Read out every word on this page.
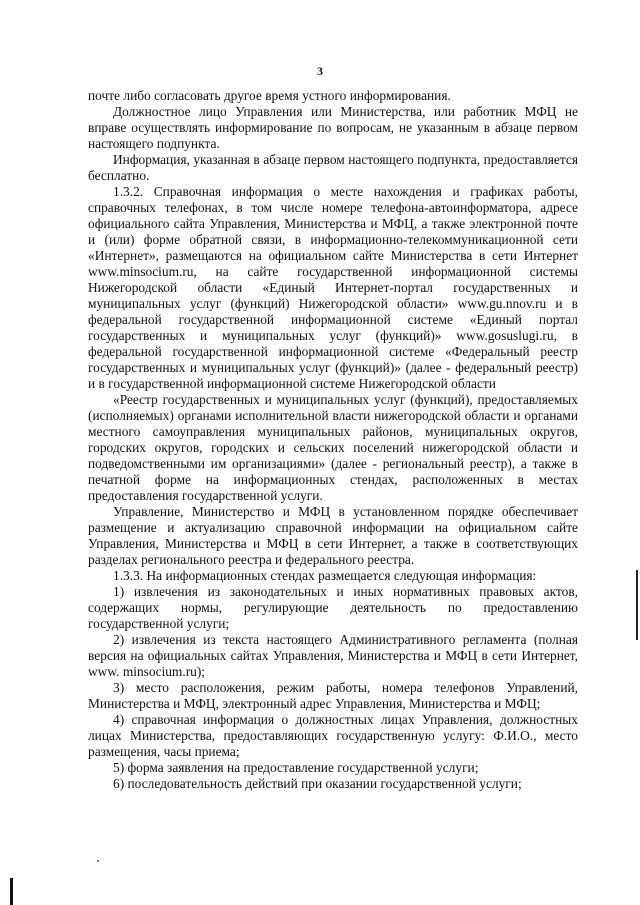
3

почте либо согласовать другое время устного информирования.

Должностное лицо Управления или Министерства, или работник МФЦ не вправе осуществлять информирование по вопросам, не указанным в абзаце первом настоящего подпункта.

Информация, указанная в абзаце первом настоящего подпункта, предоставляется бесплатно.

1.3.2. Справочная информация о месте нахождения и графиках работы, справочных телефонах, в том числе номере телефона-автоинформатора, адресе официального сайта Управления, Министерства и МФЦ, а также электронной почте и (или) форме обратной связи, в информационно-телекоммуникационной сети «Интернет», размещаются на официальном сайте Министерства в сети Интернет www.minsocium.ru, на сайте государственной информационной системы Нижегородской области «Единый Интернет-портал государственных и муниципальных услуг (функций) Нижегородской области» www.gu.nnov.ru и в федеральной государственной информационной системе «Единый портал государственных и муниципальных услуг (функций)» www.gosuslugi.ru, в федеральной государственной информационной системе «Федеральный реестр государственных и муниципальных услуг (функций)» (далее - федеральный реестр) и в государственной информационной системе Нижегородской области

«Реестр государственных и муниципальных услуг (функций), предоставляемых (исполняемых) органами исполнительной власти нижегородской области и органами местного самоуправления муниципальных районов, муниципальных округов, городских округов, городских и сельских поселений нижегородской области и подведомственными им организациями» (далее - региональный реестр), а также в печатной форме на информационных стендах, расположенных в местах предоставления государственной услуги.

Управление, Министерство и МФЦ в установленном порядке обеспечивает размещение и актуализацию справочной информации на официальном сайте Управления, Министерства и МФЦ в сети Интернет, а также в соответствующих разделах регионального реестра и федерального реестра.

1.3.3. На информационных стендах размещается следующая информация:

1) извлечения из законодательных и иных нормативных правовых актов, содержащих нормы, регулирующие деятельность по предоставлению государственной услуги;

2) извлечения из текста настоящего Административного регламента (полная версия на официальных сайтах Управления, Министерства и МФЦ в сети Интернет, www. minsocium.ru);

3) место расположения, режим работы, номера телефонов Управлений, Министерства и МФЦ, электронный адрес Управления, Министерства и МФЦ;

4) справочная информация о должностных лицах Управления, должностных лицах Министерства, предоставляющих государственную услугу: Ф.И.О., место размещения, часы приема;

5) форма заявления на предоставление государственной услуги;

6) последовательность действий при оказании государственной услуги;
